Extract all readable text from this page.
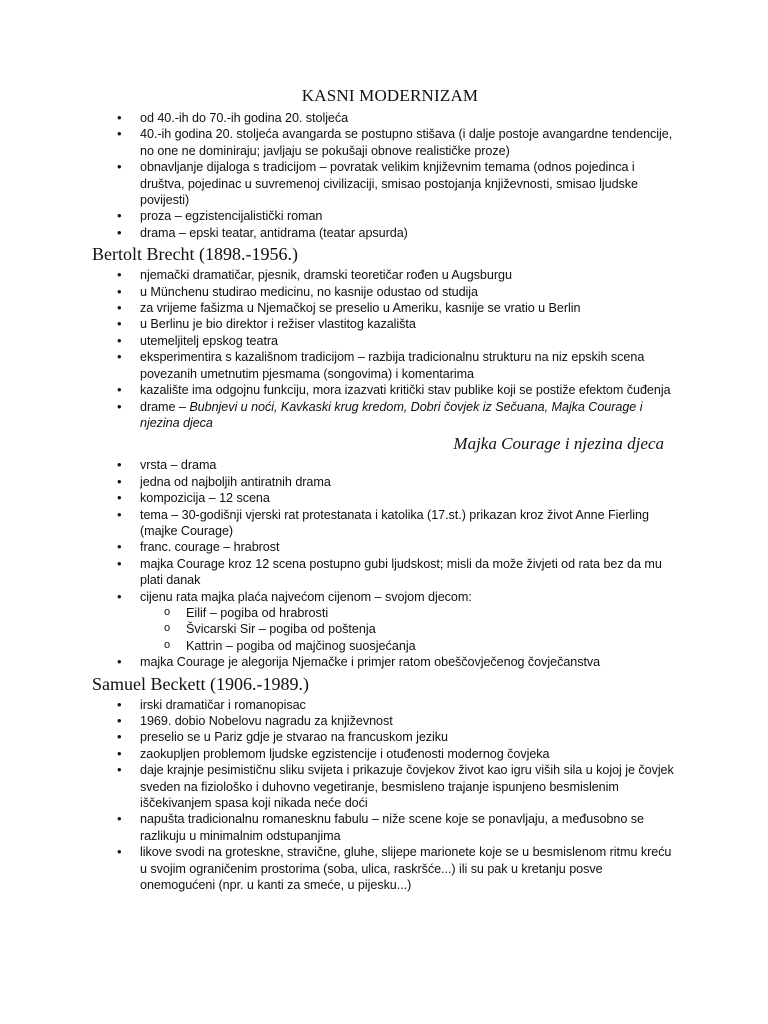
KASNI MODERNIZAM
• od 40.-ih do 70.-ih godina 20. stoljeća
• 40.-ih godina 20. stoljeća avangarda se postupno stišava (i dalje postoje avangardne tendencije, no one ne dominiraju; javljaju se pokušaji obnove realističke proze)
• obnavljanje dijaloga s tradicijom – povratak velikim književnim temama (odnos pojedinca i društva, pojedinac u suvremenoj civilizaciji, smisao postojanja književnosti, smisao ljudske povijesti)
• proza – egzistencijalistički roman
• drama – epski teatar, antidrama (teatar apsurda)
Bertolt Brecht (1898.-1956.)
• njemački dramatičar, pjesnik, dramski teoretičar rođen u Augsburgu
• u Münchenu studirao medicinu, no kasnije odustao od studija
• za vrijeme fašizma u Njemačkoj se preselio u Ameriku, kasnije se vratio u Berlin
• u Berlinu je bio direktor i režiser vlastitog kazališta
• utemeljitelj epskog teatra
• eksperimentira s kazališnom tradicijom – razbija tradicionalnu strukturu na niz epskih scena povezanih umetnutim pjesmama (songovima) i komentarima
• kazalište ima odgojnu funkciju, mora izazvati kritički stav publike koji se postiže efektom čuđenja
• drame – Bubnjevi u noći, Kavkaski krug kredom, Dobri čovjek iz Sečuana, Majka Courage i njezina djeca
Majka Courage i njezina djeca
• vrsta – drama
• jedna od najboljih antiratnih drama
• kompozicija – 12 scena
• tema – 30-godišnji vjerski rat protestanata i katolika (17.st.) prikazan kroz život Anne Fierling (majke Courage)
• franc. courage – hrabrost
• majka Courage kroz 12 scena postupno gubi ljudskost; misli da može živjeti od rata bez da mu plati danak
• cijenu rata majka plaća najvećom cijenom – svojom djecom:
o Eilif – pogiba od hrabrosti
o Švicarski Sir – pogiba od poštenja
o Kattrin – pogiba od majčinog suosjećanja
• majka Courage je alegorija Njemačke i primjer ratom obeščovječenog čovječanstva
Samuel Beckett (1906.-1989.)
• irski dramatičar i romanopisac
• 1969. dobio Nobelovu nagradu za književnost
• preselio se u Pariz gdje je stvarao na francuskom jeziku
• zaokupljen problemom ljudske egzistencije i otuđenosti modernog čovjeka
• daje krajnje pesimističnu sliku svijeta i prikazuje čovjekov život kao igru viših sila u kojoj je čovjek sveden na fiziološko i duhovno vegetiranje, besmisleno trajanje ispunjeno besmislenim iščekivanjem spasa koji nikada neće doći
• napušta tradicionalnu romanesknu fabulu – niže scene koje se ponavljaju, a međusobno se razlikuju u minimalnim odstupanjima
• likove svodi na groteskne, stravične, gluhe, slijepe marionete koje se u besmislenom ritmu kreću u svojim ograničenim prostorima (soba, ulica, raskršće...) ili su pak u kretanju posve onemogućeni (npr. u kanti za smeće, u pijesku...)
